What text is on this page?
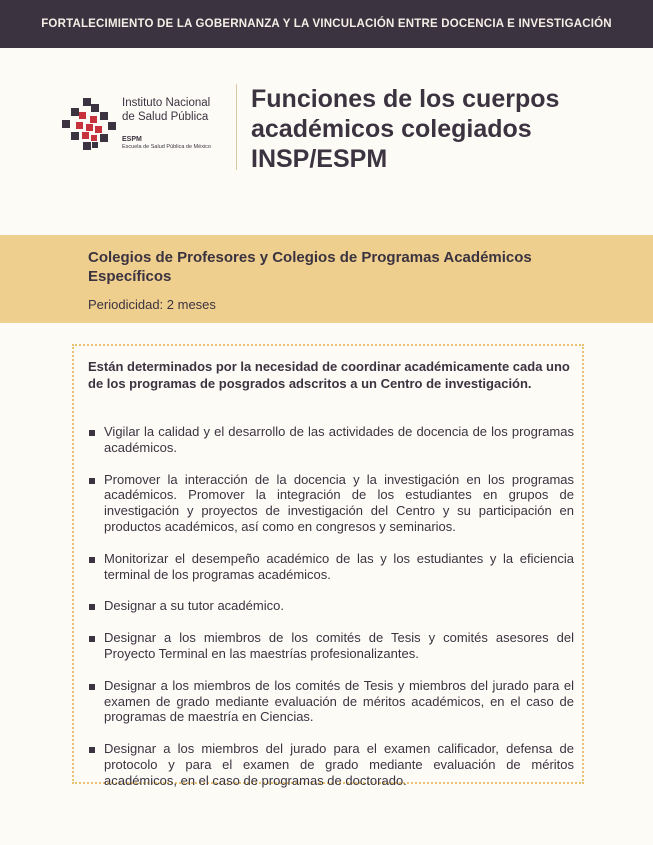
FORTALECIMIENTO DE LA GOBERNANZA Y LA VINCULACIÓN ENTRE DOCENCIA E INVESTIGACIÓN
Instituto Nacional
de Salud Pública
ESPM
Escuela de Salud Pública de México
Funciones de los cuerpos
académicos colegiados
INSP/ESPM
Colegios de Profesores y Colegios de Programas Académicos Específicos
Periodicidad: 2 meses
Están determinados por la necesidad de coordinar académicamente cada uno de los programas de posgrados adscritos a un Centro de investigación.
Vigilar la calidad y el desarrollo de las actividades de docencia de los programas académicos.
Promover la interacción de la docencia y la investigación en los programas académicos. Promover la integración de los estudiantes en grupos de investigación y proyectos de investigación del Centro y su participación en productos académicos, así como en congresos y seminarios.
Monitorizar el desempeño académico de las y los estudiantes y la eficiencia terminal de los programas académicos.
Designar a su tutor académico.
Designar a los miembros de los comités de Tesis y comités asesores del Proyecto Terminal en las maestrías profesionalizantes.
Designar a los miembros de los comités de Tesis y miembros del jurado para el examen de grado mediante evaluación de méritos académicos, en el caso de programas de maestría en Ciencias.
Designar a los miembros del jurado para el examen calificador, defensa de protocolo y para el examen de grado mediante evaluación de méritos académicos, en el caso de programas de doctorado.
